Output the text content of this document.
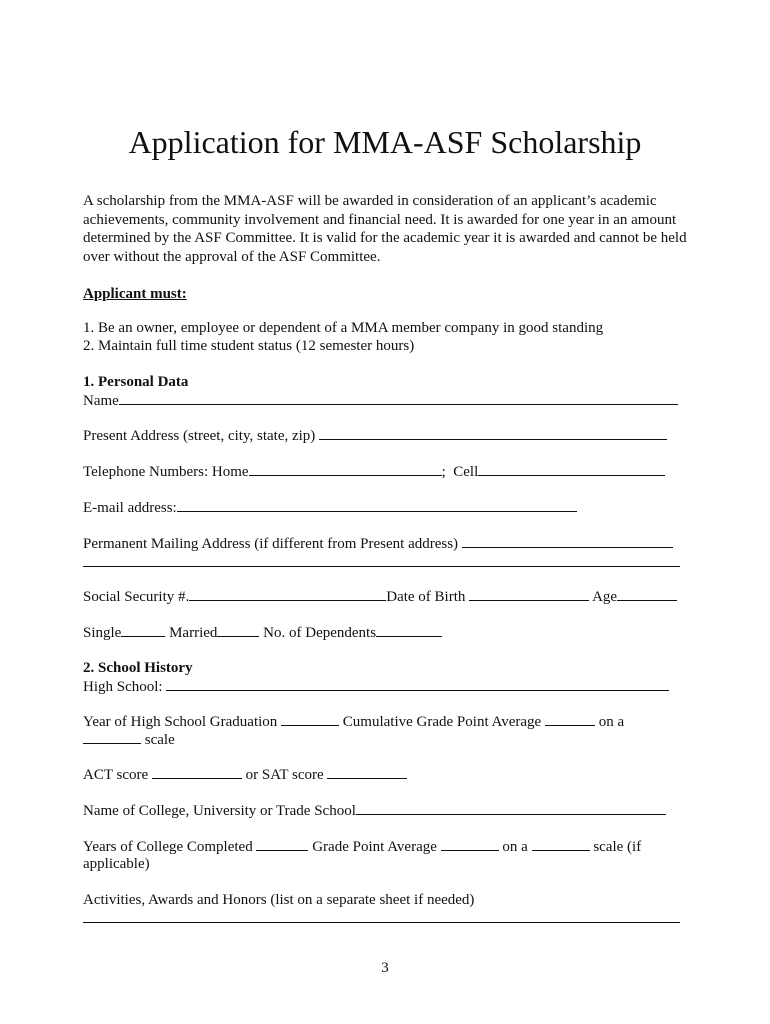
Application for MMA-ASF Scholarship
A scholarship from the MMA-ASF will be awarded in consideration of an applicant’s academic achievements, community involvement and financial need. It is awarded for one year in an amount determined by the ASF Committee. It is valid for the academic year it is awarded and cannot be held over without the approval of the ASF Committee.
Applicant must:
1. Be an owner, employee or dependent of a MMA member company in good standing
2. Maintain full time student status (12 semester hours)
1. Personal Data
Name
Present Address (street, city, state, zip)
Telephone Numbers: Home	; Cell
E-mail address:
Permanent Mailing Address (if different from Present address)
Social Security #.	Date of Birth	Age
Single	Married	No. of Dependents
2. School History
High School:
Year of High School Graduation	Cumulative Grade Point Average	on a
scale
ACT score	or SAT score
Name of College, University or Trade School
Years of College Completed	Grade Point Average	on a	scale (if
applicable)
Activities, Awards and Honors (list on a separate sheet if needed)
3
